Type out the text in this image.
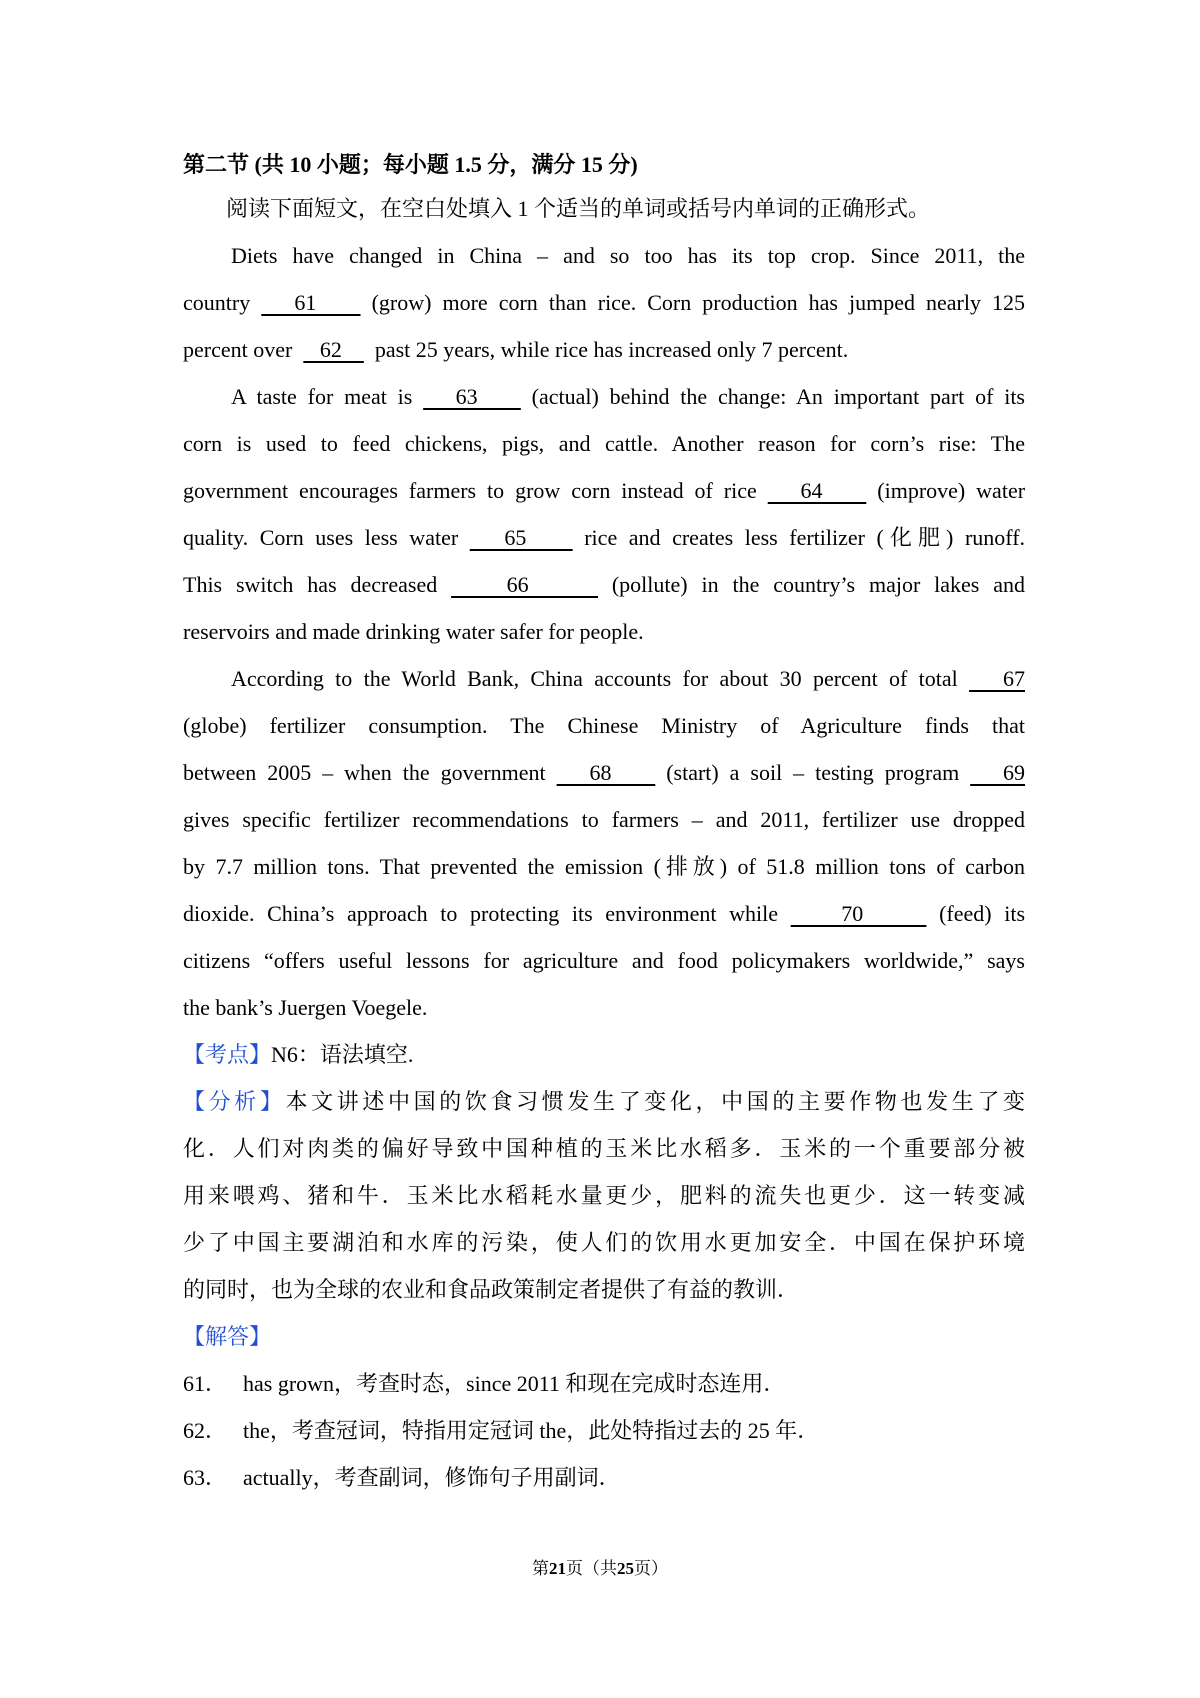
第二节 (共 10 小题；每小题 1.5 分，满分 15 分)
阅读下面短文，在空白处填入 1 个适当的单词或括号内单词的正确形式。
Diets have changed in China – and so too has its top crop. Since 2011, the
country    61     (grow) more corn than rice. Corn production has jumped nearly 125
percent over     62      past 25 years, while rice has increased only 7 percent.
A taste for meat is    63     (actual) behind the change: An important part of its
corn is used to feed chickens, pigs, and cattle. Another reason for corn’s rise: The
government encourages farmers to grow corn instead of rice    64     (improve) water
quality. Corn uses less water    65     rice and creates less fertilizer (化肥) runoff.
This switch has decreased     66      (pollute) in the country’s major lakes and
reservoirs and made drinking water safer for people.
According to the World Bank, China accounts for about 30 percent of total    67
(globe) fertilizer consumption. The Chinese Ministry of Agriculture finds that
between 2005 – when the government    68     (start) a soil – testing program    69
gives specific fertilizer recommendations to farmers – and 2011, fertilizer use dropped
by 7.7 million tons. That prevented the emission (排放) of 51.8 million tons of carbon
dioxide. China’s approach to protecting its environment while     70      (feed) its
citizens “offers useful lessons for agriculture and food policymakers worldwide,” says
the bank’s Juergen Voegele.
【考点】N6：语法填空.
【分析】本文讲述中国的饮食习惯发生了变化，中国的主要作物也发生了变
化．人们对肉类的偏好导致中国种植的玉米比水稻多．玉米的一个重要部分被
用来喂鸡、猪和牛．玉米比水稻耗水量更少，肥料的流失也更少．这一转变减
少了中国主要湖泊和水库的污染，使人们的饮用水更加安全．中国在保护环境
的同时，也为全球的农业和食品政策制定者提供了有益的教训．
【解答】
61． has grown，考查时态，since 2011 和现在完成时态连用．
62． the，考查冠词，特指用定冠词 the，此处特指过去的 25 年．
63． actually，考查副词，修饰句子用副词．
第21页（共25页）
